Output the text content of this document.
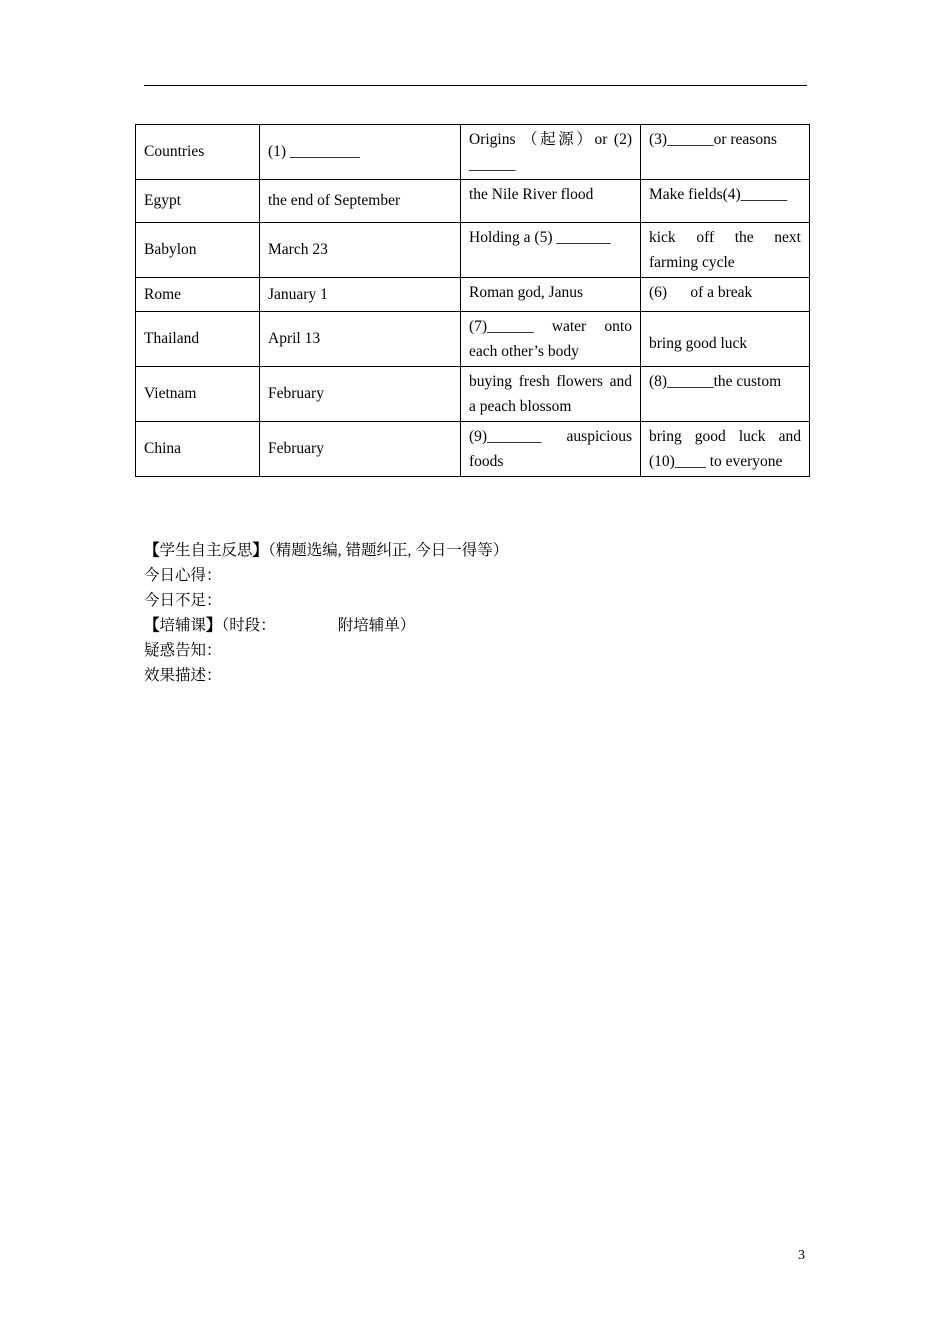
Countries	(1) _________	Origins （起源）or (2) ______	(3)______or reasons
Egypt	the end of September	the Nile River flood	Make fields(4)______
Babylon	March 23	Holding a (5) _______	kick off the next farming cycle
Rome	January 1	Roman god, Janus	(6)      of a break
Thailand	April 13	(7)______ water onto each other’s body	bring good luck
Vietnam	February	buying fresh flowers and a peach blossom	(8)______the custom
China	February	(9)_______ auspicious foods	bring good luck and (10)____ to everyone
【学生自主反思】（精题选编, 错题纠正, 今日一得等）
今日心得：
今日不足：
【培辅课】（时段：                附培辅单）
疑惑告知：
效果描述：
3
